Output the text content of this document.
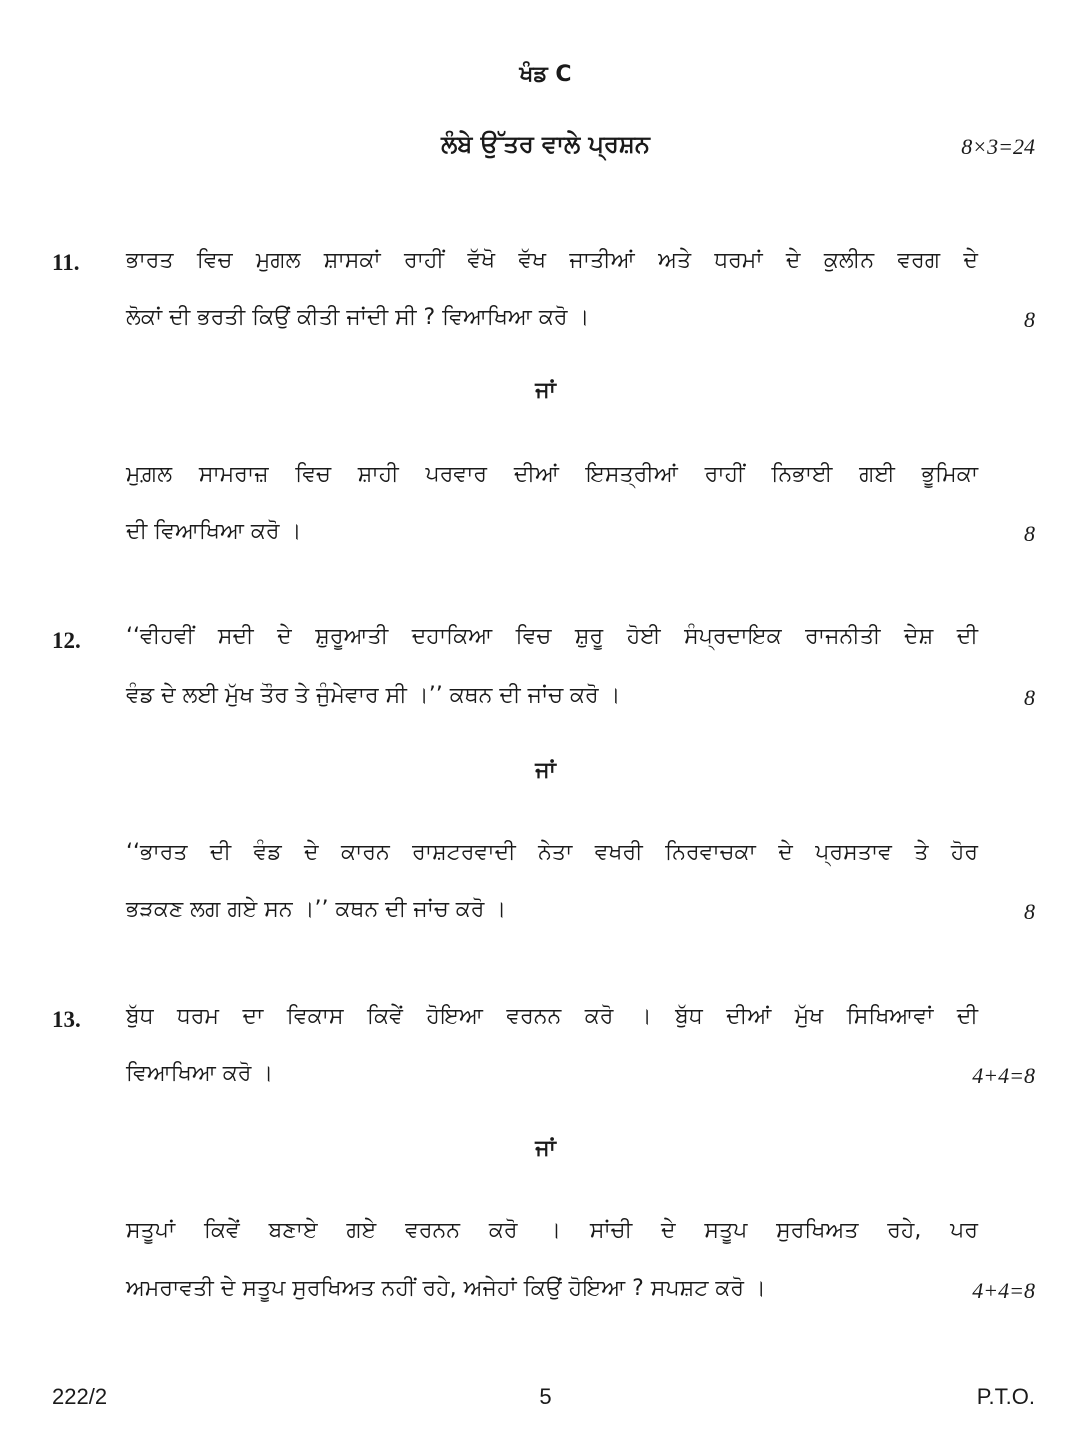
ਖੰਡ C
ਲੰਬੇ ਉੱਤਰ ਵਾਲੇ ਪ੍ਰਸ਼ਨ	8×3=24
11. ਭਾਰਤ ਵਿਚ ਮੁਗਲ ਸ਼ਾਸਕਾਂ ਰਾਹੀਂ ਵੱਖੋ ਵੱਖ ਜਾਤੀਆਂ ਅਤੇ ਧਰਮਾਂ ਦੇ ਕੁਲੀਨ ਵਰਗ ਦੇ
ਲੋਕਾਂ ਦੀ ਭਰਤੀ ਕਿਉਂ ਕੀਤੀ ਜਾਂਦੀ ਸੀ ? ਵਿਆਖਿਆ ਕਰੋ ।	8
ਜਾਂ
ਮੁਗ਼ਲ ਸਾਮਰਾਜ਼ ਵਿਚ ਸ਼ਾਹੀ ਪਰਵਾਰ ਦੀਆਂ ਇਸਤ੍ਰੀਆਂ ਰਾਹੀਂ ਨਿਭਾਈ ਗਈ ਭੂਮਿਕਾ
ਦੀ ਵਿਆਖਿਆ ਕਰੋ ।	8
12. ‘‘ਵੀਹਵੀਂ ਸਦੀ ਦੇ ਸ਼ੁਰੂਆਤੀ ਦਹਾਕਿਆ ਵਿਚ ਸ਼ੁਰੂ ਹੋਈ ਸੰਪ੍ਰਦਾਇਕ ਰਾਜਨੀਤੀ ਦੇਸ਼ ਦੀ
ਵੰਡ ਦੇ ਲਈ ਮੁੱਖ ਤੌਰ ਤੇ ਜੁੰਮੇਵਾਰ ਸੀ ।’’ ਕਥਨ ਦੀ ਜਾਂਚ ਕਰੋ ।	8
ਜਾਂ
‘‘ਭਾਰਤ ਦੀ ਵੰਡ ਦੇ ਕਾਰਨ ਰਾਸ਼ਟਰਵਾਦੀ ਨੇਤਾ ਵਖਰੀ ਨਿਰਵਾਚਕਾ ਦੇ ਪ੍ਰਸਤਾਵ ਤੇ ਹੋਰ
ਭੜਕਣ ਲਗ ਗਏ ਸਨ ।’’ ਕਥਨ ਦੀ ਜਾਂਚ ਕਰੋ ।	8
13. ਬੁੱਧ ਧਰਮ ਦਾ ਵਿਕਾਸ ਕਿਵੇਂ ਹੋਇਆ ਵਰਨਨ ਕਰੋ । ਬੁੱਧ ਦੀਆਂ ਮੁੱਖ ਸਿਖਿਆਵਾਂ ਦੀ
ਵਿਆਖਿਆ ਕਰੋ ।	4+4=8
ਜਾਂ
ਸਤੂਪਾਂ ਕਿਵੇਂ ਬਣਾਏ ਗਏ ਵਰਨਨ ਕਰੋ । ਸਾਂਚੀ ਦੇ ਸਤੂਪ ਸੁਰਖਿਅਤ ਰਹੇ, ਪਰ
ਅਮਰਾਵਤੀ ਦੇ ਸਤੂਪ ਸੁਰਖਿਅਤ ਨਹੀਂ ਰਹੇ, ਅਜੇਹਾਂ ਕਿਉਂ ਹੋਇਆ ? ਸਪਸ਼ਟ ਕਰੋ ।	4+4=8
222/2	5	P.T.O.
